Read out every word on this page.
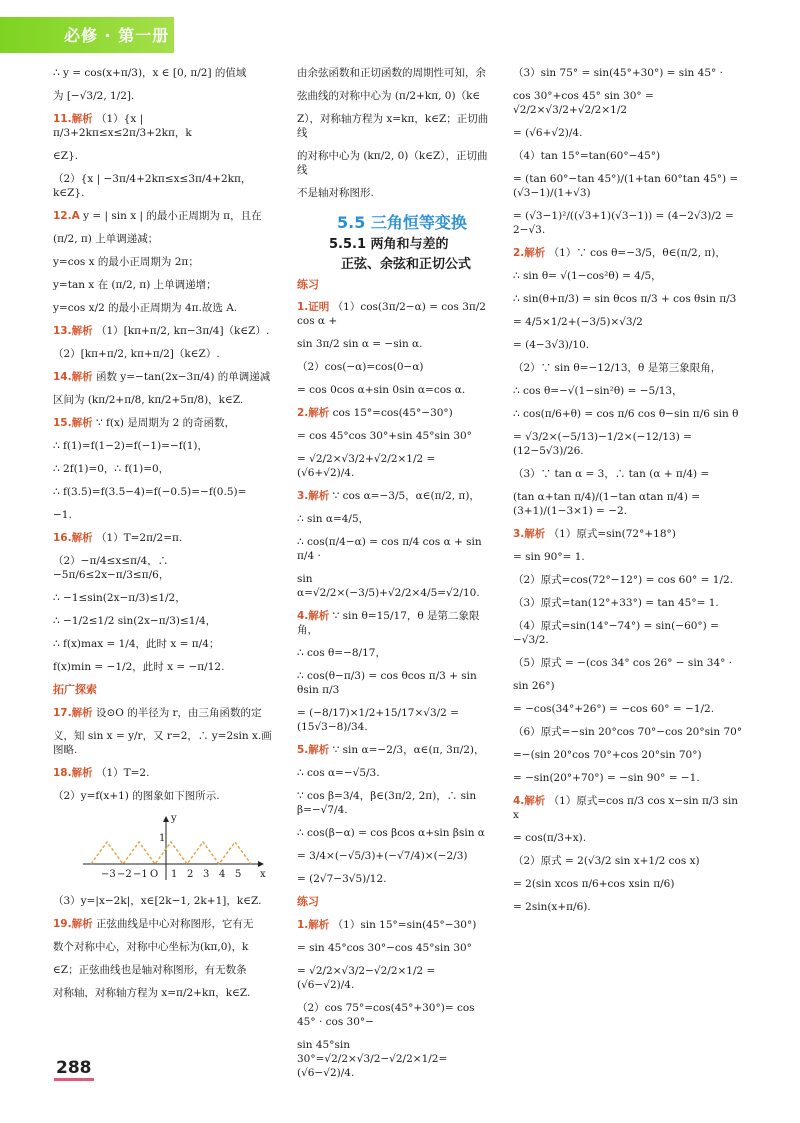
必修 · 第一册
∴ y = cos(x+π/3)，x ∈ [0, π/2] 的值域
为 [−√3/2, 1/2].
11.解析 （1）{x | π/3+2kπ≤x≤2π/3+2kπ，k
∈Z}.
（2）{x | −3π/4+2kπ≤x≤3π/4+2kπ，k∈Z}.
12.A y = | sin x | 的最小正周期为 π，且在
(π/2, π) 上单调递减；
y=cos x 的最小正周期为 2π；
y=tan x 在 (π/2, π) 上单调递增；
y=cos x/2 的最小正周期为 4π.故选 A.
13.解析 （1）[kπ+π/2, kπ−3π/4]（k∈Z）.
（2）[kπ+π/2, kπ+π/2]（k∈Z）.
14.解析 函数 y=−tan(2x−3π/4) 的单调递减
区间为 (kπ/2+π/8, kπ/2+5π/8)，k∈Z.
15.解析 ∵ f(x) 是周期为 2 的奇函数，
∴ f(1)=f(1−2)=f(−1)=−f(1)，
∴ 2f(1)=0，∴ f(1)=0，
∴ f(3.5)=f(3.5−4)=f(−0.5)=−f(0.5)=
−1.
16.解析 （1）T=2π/2=π.
（2）−π/4≤x≤π/4，∴ −5π/6≤2x−π/3≤π/6，
∴ −1≤sin(2x−π/3)≤1/2，
∴ −1/2≤1/2 sin(2x−π/3)≤1/4，
∴ f(x)max = 1/4，此时 x = π/4；
f(x)min = −1/2，此时 x = −π/12.
拓广探索
17.解析 设⊙O 的半径为 r，由三角函数的定
义，知 sin x = y/r，又 r=2，∴ y=2sin x.画图略.
18.解析 （1）T=2.
（2）y=f(x+1) 的图象如下图所示.
y
1
x
−3 −2 −1 O 1 2 3 4 5
（3）y=|x−2k|，x∈[2k−1, 2k+1]，k∈Z.
19.解析 正弦曲线是中心对称图形，它有无
数个对称中心，对称中心坐标为(kπ,0)，k
∈Z；正弦曲线也是轴对称图形，有无数条
对称轴，对称轴方程为 x=π/2+kπ，k∈Z.
由余弦函数和正切函数的周期性可知，余
弦曲线的对称中心为 (π/2+kπ, 0)（k∈
Z），对称轴方程为 x=kπ，k∈Z；正切曲线
的对称中心为 (kπ/2, 0)（k∈Z），正切曲线
不是轴对称图形.
5.5 三角恒等变换
5.5.1 两角和与差的
正弦、余弦和正切公式
练习
1.证明 （1）cos(3π/2−α) = cos 3π/2 cos α +
sin 3π/2 sin α = −sin α.
（2）cos(−α)=cos(0−α)
= cos 0cos α+sin 0sin α=cos α.
2.解析 cos 15°=cos(45°−30°)
= cos 45°cos 30°+sin 45°sin 30°
= √2/2×√3/2+√2/2×1/2 = (√6+√2)/4.
3.解析 ∵ cos α=−3/5，α∈(π/2, π)，
∴ sin α=4/5，
∴ cos(π/4−α) = cos π/4 cos α + sin π/4 ·
sin α=√2/2×(−3/5)+√2/2×4/5=√2/10.
4.解析 ∵ sin θ=15/17，θ 是第二象限角，
∴ cos θ=−8/17，
∴ cos(θ−π/3) = cos θcos π/3 + sin θsin π/3
= (−8/17)×1/2+15/17×√3/2 = (15√3−8)/34.
5.解析 ∵ sin α=−2/3，α∈(π, 3π/2)，
∴ cos α=−√5/3.
∵ cos β=3/4，β∈(3π/2, 2π)，∴ sin β=−√7/4.
∴ cos(β−α) = cos βcos α+sin βsin α
= 3/4×(−√5/3)+(−√7/4)×(−2/3)
= (2√7−3√5)/12.
练习
1.解析 （1）sin 15°=sin(45°−30°)
= sin 45°cos 30°−cos 45°sin 30°
= √2/2×√3/2−√2/2×1/2 = (√6−√2)/4.
（2）cos 75°=cos(45°+30°)= cos 45° · cos 30°−
sin 45°sin 30°=√2/2×√3/2−√2/2×1/2=(√6−√2)/4.
（3）sin 75° = sin(45°+30°) = sin 45° ·
cos 30°+cos 45° sin 30° = √2/2×√3/2+√2/2×1/2
= (√6+√2)/4.
（4）tan 15°=tan(60°−45°)
= (tan 60°−tan 45°)/(1+tan 60°tan 45°) = (√3−1)/(1+√3)
= (√3−1)²/((√3+1)(√3−1)) = (4−2√3)/2 = 2−√3.
2.解析 （1）∵ cos θ=−3/5，θ∈(π/2, π)，
∴ sin θ= √(1−cos²θ) = 4/5，
∴ sin(θ+π/3) = sin θcos π/3 + cos θsin π/3
= 4/5×1/2+(−3/5)×√3/2
= (4−3√3)/10.
（2）∵ sin θ=−12/13，θ 是第三象限角，
∴ cos θ=−√(1−sin²θ) = −5/13，
∴ cos(π/6+θ) = cos π/6 cos θ−sin π/6 sin θ
= √3/2×(−5/13)−1/2×(−12/13) = (12−5√3)/26.
（3）∵ tan α = 3，∴ tan (α + π/4) =
(tan α+tan π/4)/(1−tan αtan π/4) = (3+1)/(1−3×1) = −2.
3.解析 （1）原式=sin(72°+18°)
= sin 90°= 1.
（2）原式=cos(72°−12°) = cos 60° = 1/2.
（3）原式=tan(12°+33°) = tan 45°= 1.
（4）原式=sin(14°−74°) = sin(−60°) = −√3/2.
（5）原式 = −(cos 34° cos 26° − sin 34° ·
sin 26°)
= −cos(34°+26°) = −cos 60° = −1/2.
（6）原式=−sin 20°cos 70°−cos 20°sin 70°
=−(sin 20°cos 70°+cos 20°sin 70°)
= −sin(20°+70°) = −sin 90° = −1.
4.解析 （1）原式=cos π/3 cos x−sin π/3 sin x
= cos(π/3+x).
（2）原式 = 2(√3/2 sin x+1/2 cos x)
= 2(sin xcos π/6+cos xsin π/6)
= 2sin(x+π/6).
288
